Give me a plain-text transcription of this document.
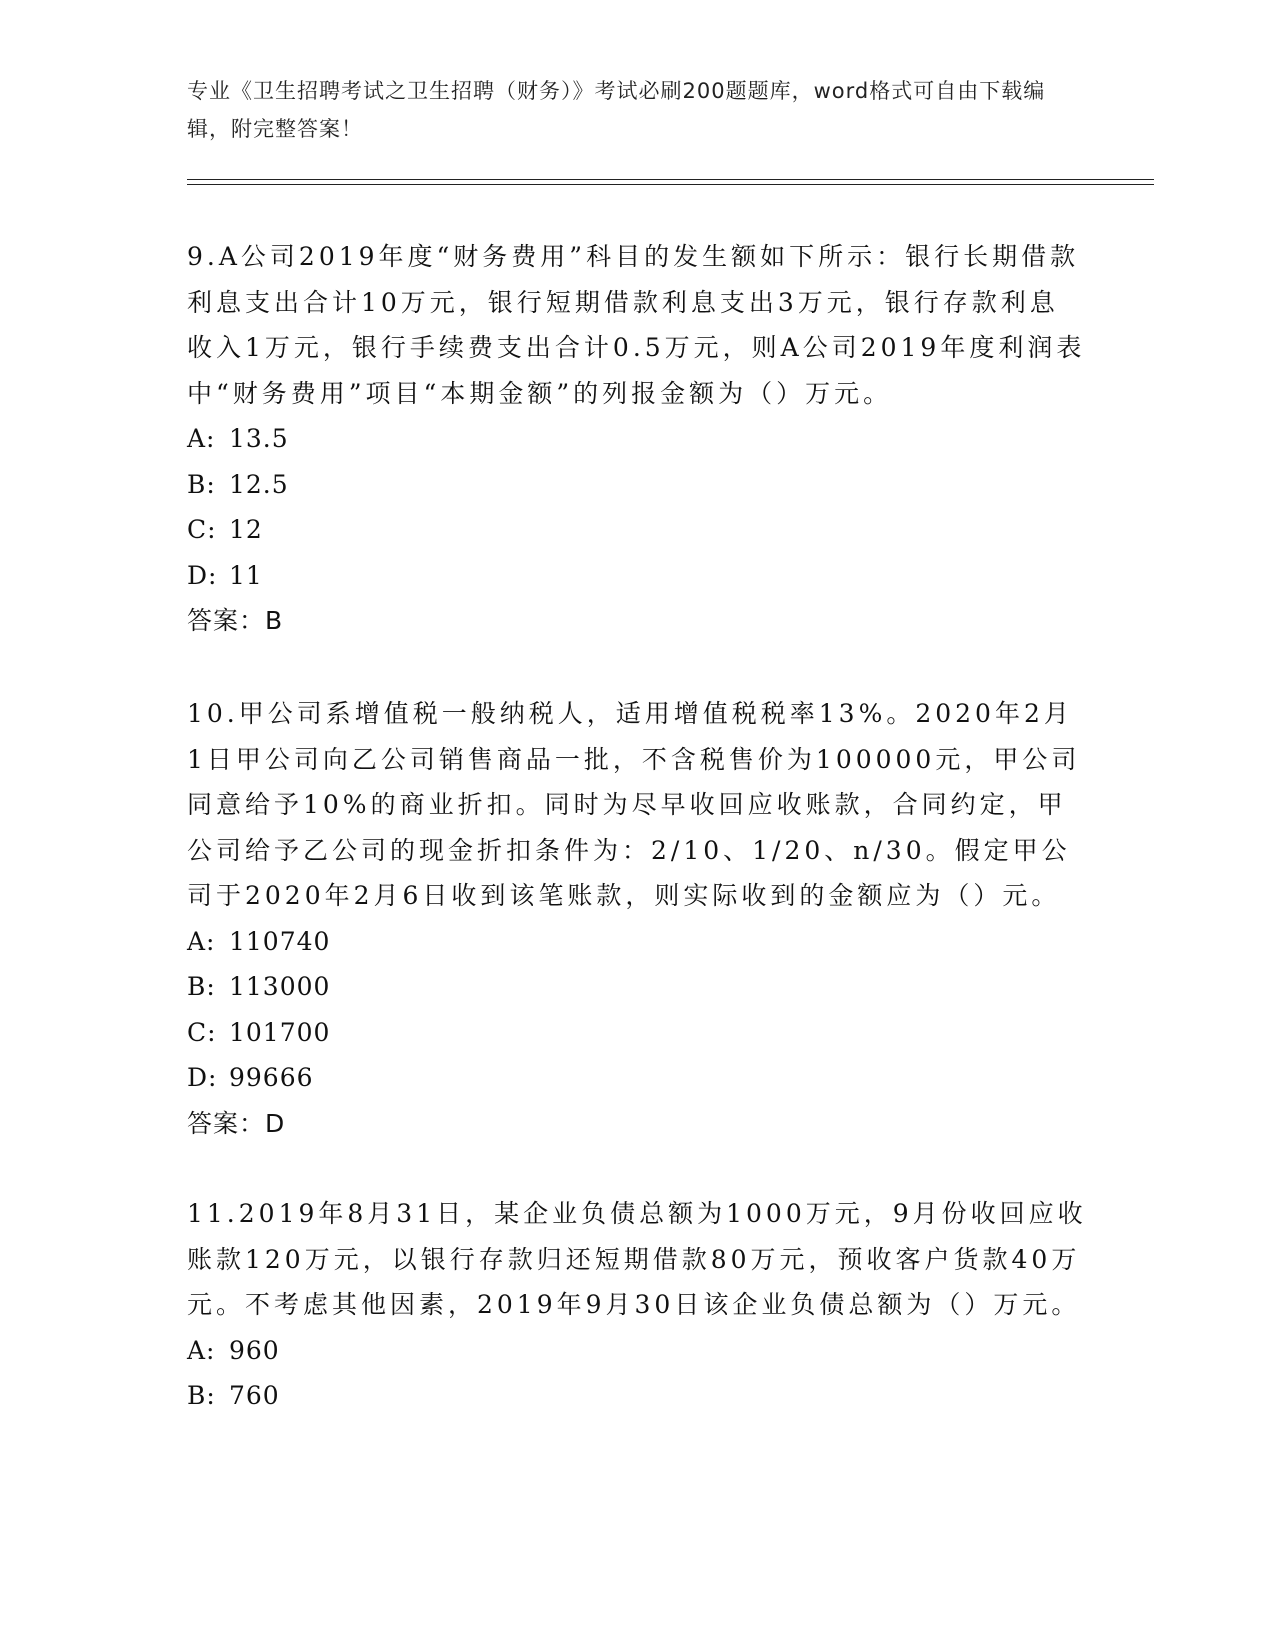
专业《卫生招聘考试之卫生招聘（财务）》考试必刷200题题库，word格式可自由下载编辑，附完整答案！

9.A公司2019年度“财务费用”科目的发生额如下所示：银行长期借款利息支出合计10万元，银行短期借款利息支出3万元，银行存款利息收入1万元，银行手续费支出合计0.5万元，则A公司2019年度利润表中“财务费用”项目“本期金额”的列报金额为（）万元。

A: 13.5

B: 12.5

C: 12

D: 11

答案：B

10.甲公司系增值税一般纳税人，适用增值税税率13%。2020年2月1日甲公司向乙公司销售商品一批，不含税售价为100000元，甲公司同意给予10%的商业折扣。同时为尽早收回应收账款，合同约定，甲公司给予乙公司的现金折扣条件为：2/10、1/20、n/30。假定甲公司于2020年2月6日收到该笔账款，则实际收到的金额应为（）元。

A: 110740

B: 113000

C: 101700

D: 99666

答案：D

11.2019年8月31日，某企业负债总额为1000万元，9月份收回应收账款120万元，以银行存款归还短期借款80万元，预收客户货款40万元。不考虑其他因素，2019年9月30日该企业负债总额为（）万元。

A: 960

B: 760
